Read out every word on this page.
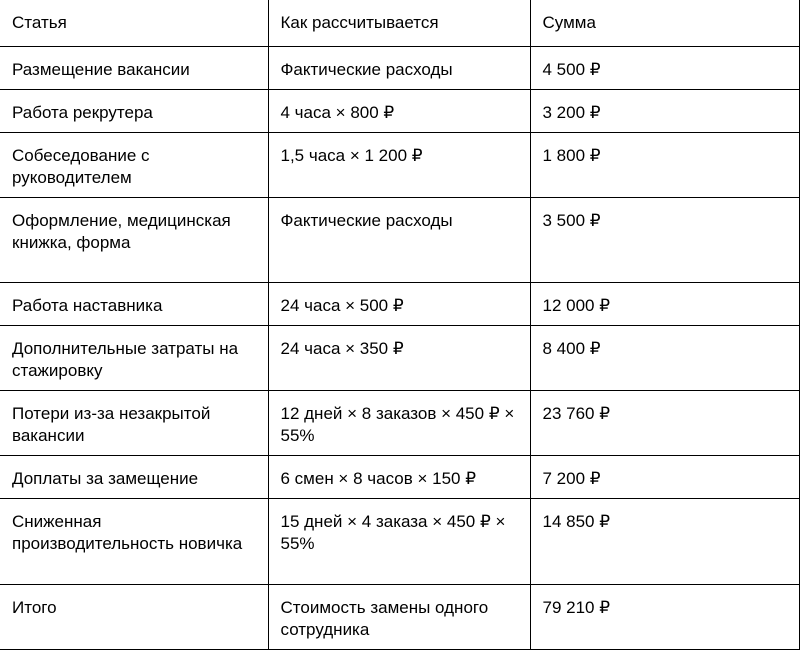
Статья	Как рассчитывается	Сумма
Размещение вакансии	Фактические расходы	4 500 ₽
Работа рекрутера	4 часа × 800 ₽	3 200 ₽
Собеседование с руководителем	1,5 часа × 1 200 ₽	1 800 ₽
Оформление, медицинская книжка, форма	Фактические расходы	3 500 ₽
Работа наставника	24 часа × 500 ₽	12 000 ₽
Дополнительные затраты на стажировку	24 часа × 350 ₽	8 400 ₽
Потери из-за незакрытой вакансии	12 дней × 8 заказов × 450 ₽ × 55%	23 760 ₽
Доплаты за замещение	6 смен × 8 часов × 150 ₽	7 200 ₽
Сниженная производительность новичка	15 дней × 4 заказа × 450 ₽ × 55%	14 850 ₽
Итого	Стоимость замены одного сотрудника	79 210 ₽
